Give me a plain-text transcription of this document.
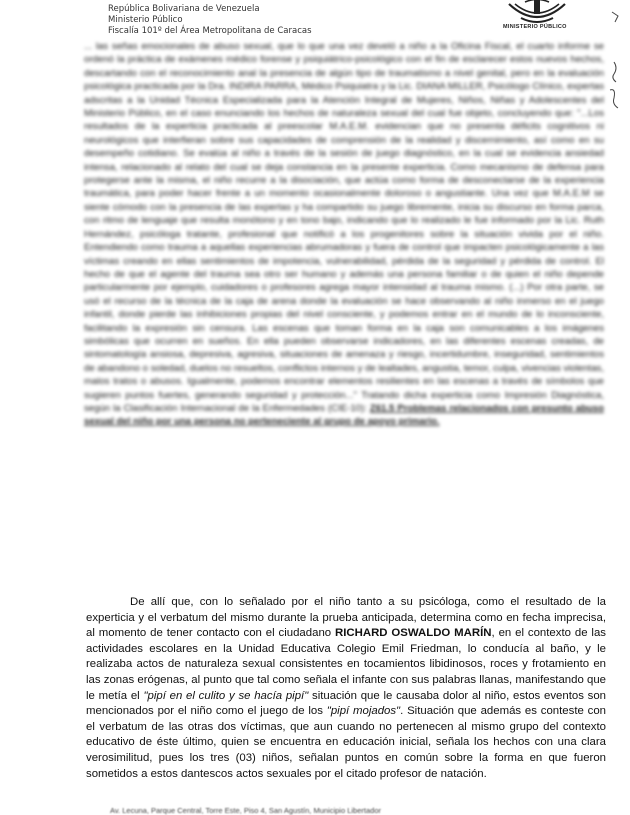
República Bolivariana de Venezuela
Ministerio Público
Fiscalía 101º del Área Metropolitana de Caracas	MINISTERIO PÚBLICO

... las señas emocionales de abuso sexual, que lo que una vez develó a niño a la Oficina Fiscal, el cuarto informe se ordenó la práctica de exámenes médico forense y psiquiátrico-psicológico con el fin de esclarecer estos nuevos hechos, descartando con el reconocimiento anal la presencia de algún tipo de traumatismo a nivel genital, pero en la evaluación psicológica practicada por la Dra. INDIRA PARRA, Médico Psiquiatra y la Lic. DIANA MILLER, Psicólogo Clínico, expertas adscritas a la Unidad Técnica Especializada para la Atención Integral de Mujeres, Niños, Niñas y Adolescentes del Ministerio Público, en el caso enunciando los hechos de naturaleza sexual del cual fue objeto, concluyendo que: "...Los resultados de la experticia practicada al preescolar M.A.E.M. evidencian que no presenta déficits cognitivos ni neurológicos que interfieran sobre sus capacidades de comprensión de la realidad y discernimiento, así como en su desempeño cotidiano. Se evalúa al niño a través de la sesión de juego diagnóstico, en la cual se evidencia ansiedad intensa, relacionado al relato del cual se deja constancia en la presente experticia. Como mecanismo de defensa para protegerse ante la misma, el niño recurre a la disociación, que actúa como forma de desconectarse de la experiencia traumática, para poder hacer frente a un momento ocasionalmente doloroso o angustiante. Una vez que M.A.E.M se siente cómodo con la presencia de las expertas y ha compartido su juego libremente, inicia su discurso en forma parca, con ritmo de lenguaje que resulta monótono y en tono bajo, indicando que lo realizado le fue informado por la Lic. Ruth Hernández, psicóloga tratante, profesional que notificó a los progenitores sobre la situación vivida por el niño. Entendiendo como trauma a aquellas experiencias abrumadoras y fuera de control que impacten psicológicamente a las víctimas creando en ellas sentimientos de impotencia, vulnerabilidad, pérdida de la seguridad y pérdida de control. El hecho de que el agente del trauma sea otro ser humano y además una persona familiar o de quien el niño depende particularmente por ejemplo, cuidadores o profesores agrega mayor intensidad al trauma mismo. (...) Por otra parte, se usó el recurso de la técnica de la caja de arena donde la evaluación se hace observando al niño inmerso en el juego infantil, donde pierde las inhibiciones propias del nivel consciente, y podemos entrar en el mundo de lo inconsciente, facilitando la expresión sin censura. Las escenas que toman forma en la caja son comunicables a los imágenes simbólicas que ocurren en sueños. En ella pueden observarse indicadores, en las diferentes escenas creadas, de sintomatología ansiosa, depresiva, agresiva, situaciones de amenaza y riesgo, incertidumbre, inseguridad, sentimientos de abandono o soledad, duelos no resueltos, conflictos internos y de lealtades, angustia, temor, culpa, vivencias violentas, malos tratos o abusos. Igualmente, podemos encontrar elementos resilientes en las escenas a través de símbolos que sugieren puntos fuertes, generando seguridad y protección..." Tratando dicha experticia como Impresión Diagnóstica, según la Clasificación Internacional de la Enfermedades (CIE-10): Z61.5 Problemas relacionados con presunto abuso sexual del niño por una persona no perteneciente al grupo de apoyo primario.

De allí que, con lo señalado por el niño tanto a su psicóloga, como el resultado de la experticia y el verbatum del mismo durante la prueba anticipada, determina como en fecha imprecisa, al momento de tener contacto con el ciudadano RICHARD OSWALDO MARÍN, en el contexto de las actividades escolares en la Unidad Educativa Colegio Emil Friedman, lo conducía al baño, y le realizaba actos de naturaleza sexual consistentes en tocamientos libidinosos, roces y frotamiento en las zonas erógenas, al punto que tal como señala el infante con sus palabras llanas, manifestando que le metía el "pipí en el culito y se hacía pipí" situación que le causaba dolor al niño, estos eventos son mencionados por el niño como el juego de los "pipí mojados". Situación que además es conteste con el verbatum de las otras dos víctimas, que aun cuando no pertenecen al mismo grupo del contexto educativo de éste último, quien se encuentra en educación inicial, señala los hechos con una clara verosimilitud, pues los tres (03) niños, señalan puntos en común sobre la forma en que fueron sometidos a estos dantescos actos sexuales por el citado profesor de natación.

Av. Lecuna, Parque Central, Torre Este, Piso 4, San Agustín, Municipio Libertador
